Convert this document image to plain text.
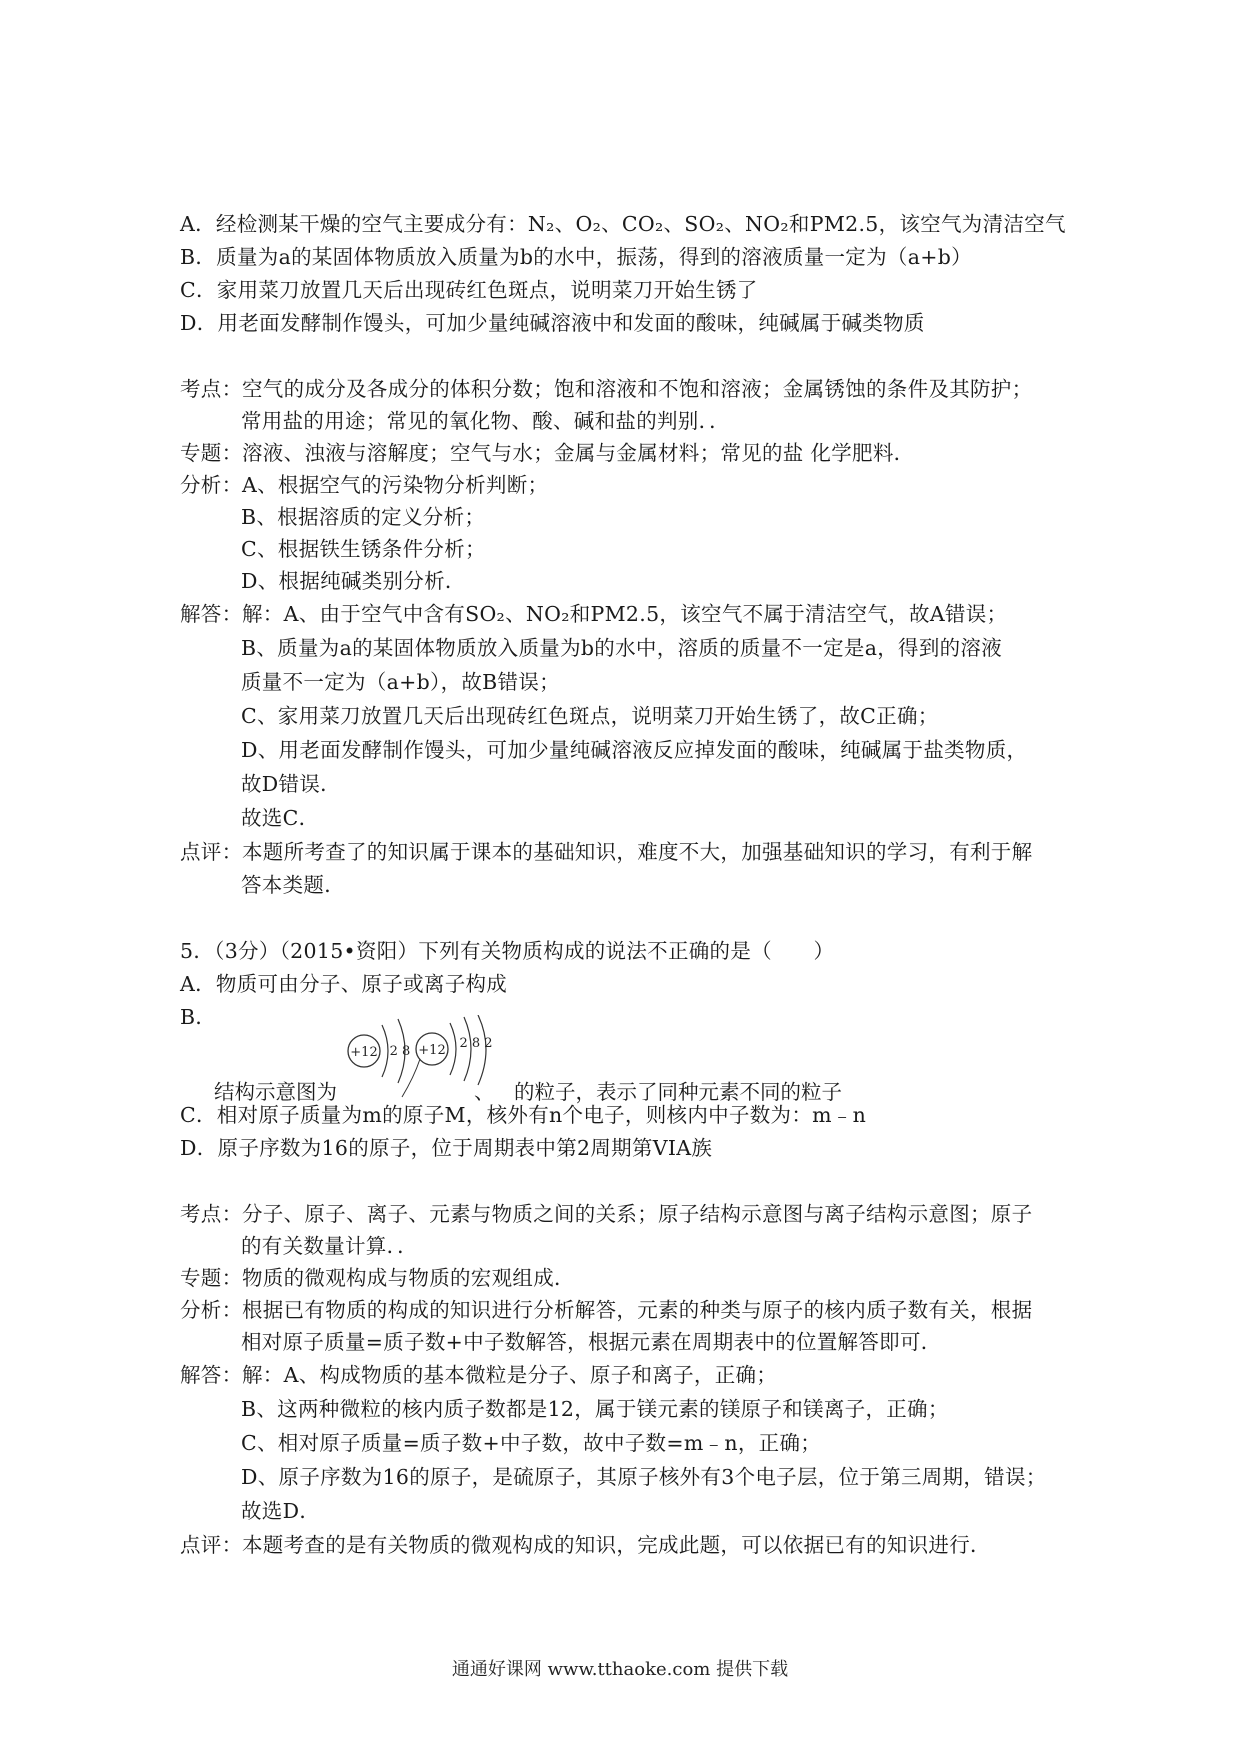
A．经检测某干燥的空气主要成分有：N₂、O₂、CO₂、SO₂、NO₂和PM2.5，该空气为清洁空气
B．质量为a的某固体物质放入质量为b的水中，振荡，得到的溶液质量一定为（a+b）
C．家用菜刀放置几天后出现砖红色斑点，说明菜刀开始生锈了
D．用老面发酵制作馒头，可加少量纯碱溶液中和发面的酸味，纯碱属于碱类物质
考点：空气的成分及各成分的体积分数；饱和溶液和不饱和溶液；金属锈蚀的条件及其防护；
常用盐的用途；常见的氧化物、酸、碱和盐的判别．．
专题：溶液、浊液与溶解度；空气与水；金属与金属材料；常见的盐 化学肥料．
分析：A、根据空气的污染物分析判断；
B、根据溶质的定义分析；
C、根据铁生锈条件分析；
D、根据纯碱类别分析．
解答：解：A、由于空气中含有SO₂、NO₂和PM2.5，该空气不属于清洁空气，故A错误；
B、质量为a的某固体物质放入质量为b的水中，溶质的质量不一定是a，得到的溶液
质量不一定为（a+b），故B错误；
C、家用菜刀放置几天后出现砖红色斑点，说明菜刀开始生锈了，故C正确；
D、用老面发酵制作馒头，可加少量纯碱溶液反应掉发面的酸味，纯碱属于盐类物质，
故D错误．
故选C．
点评：本题所考查了的知识属于课本的基础知识，难度不大，加强基础知识的学习，有利于解
答本类题．
5．（3分）（2015•资阳）下列有关物质构成的说法不正确的是（　　）
A．物质可由分子、原子或离子构成
B．
结构示意图为
+12 2 8
、
+12 2 8 2
的粒子，表示了同种元素不同的粒子
C．相对原子质量为m的原子M，核外有n个电子，则核内中子数为：m﹣n
D．原子序数为16的原子，位于周期表中第2周期第VIA族
考点：分子、原子、离子、元素与物质之间的关系；原子结构示意图与离子结构示意图；原子
的有关数量计算．．
专题：物质的微观构成与物质的宏观组成．
分析：根据已有物质的构成的知识进行分析解答，元素的种类与原子的核内质子数有关，根据
相对原子质量=质子数+中子数解答，根据元素在周期表中的位置解答即可．
解答：解：A、构成物质的基本微粒是分子、原子和离子，正确；
B、这两种微粒的核内质子数都是12，属于镁元素的镁原子和镁离子，正确；
C、相对原子质量=质子数+中子数，故中子数=m﹣n，正确；
D、原子序数为16的原子，是硫原子，其原子核外有3个电子层，位于第三周期，错误；
故选D．
点评：本题考查的是有关物质的微观构成的知识，完成此题，可以依据已有的知识进行．
通通好课网 www.tthaoke.com 提供下载
